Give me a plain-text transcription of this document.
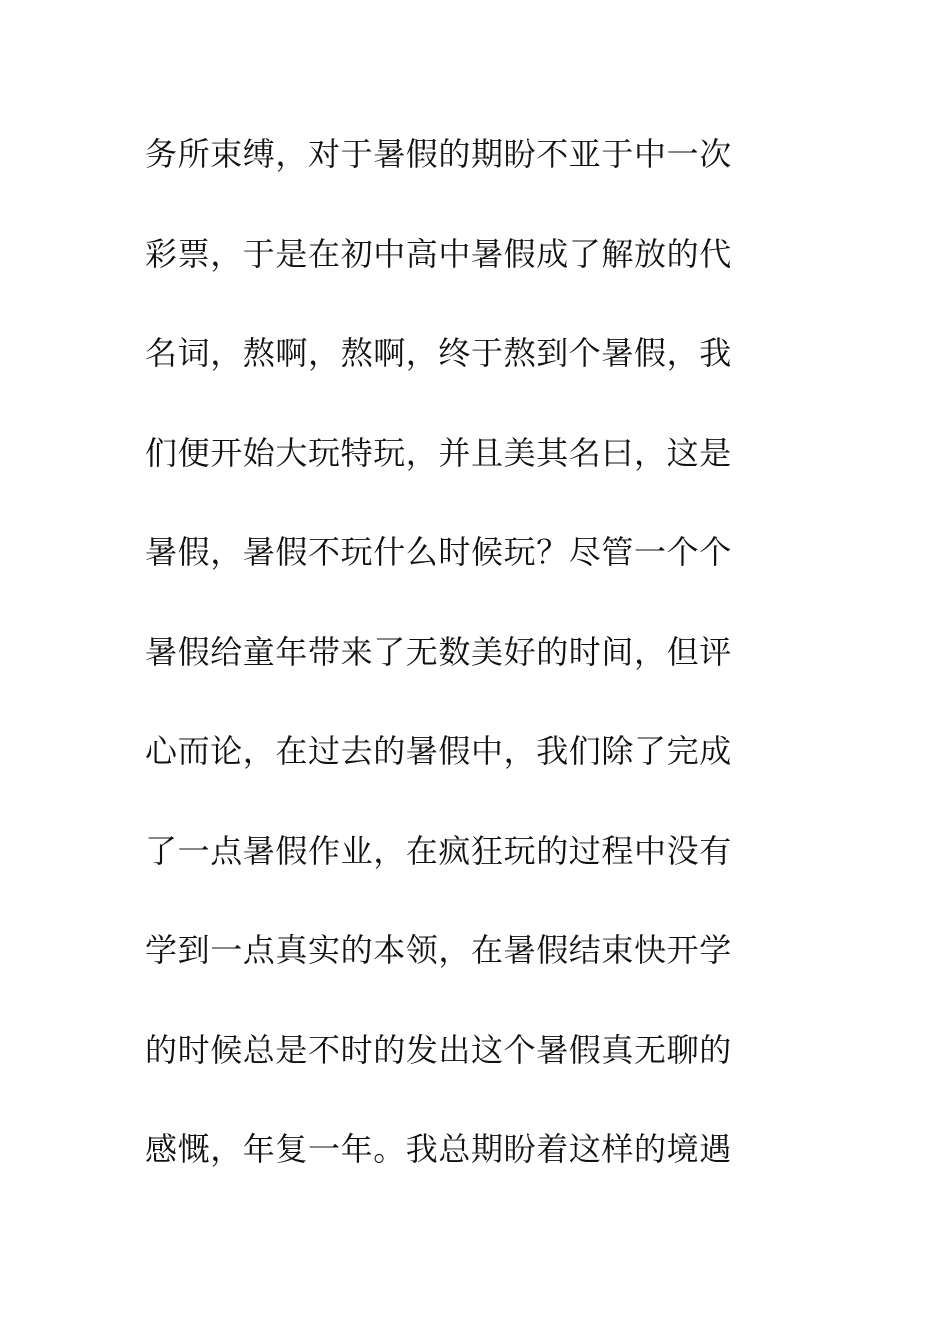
务所束缚，对于暑假的期盼不亚于中一次
彩票，于是在初中高中暑假成了解放的代
名词，熬啊，熬啊，终于熬到个暑假，我
们便开始大玩特玩，并且美其名曰，这是
暑假，暑假不玩什么时候玩？尽管一个个
暑假给童年带来了无数美好的时间，但评
心而论，在过去的暑假中，我们除了完成
了一点暑假作业，在疯狂玩的过程中没有
学到一点真实的本领，在暑假结束快开学
的时候总是不时的发出这个暑假真无聊的
感慨，年复一年。我总期盼着这样的境遇
